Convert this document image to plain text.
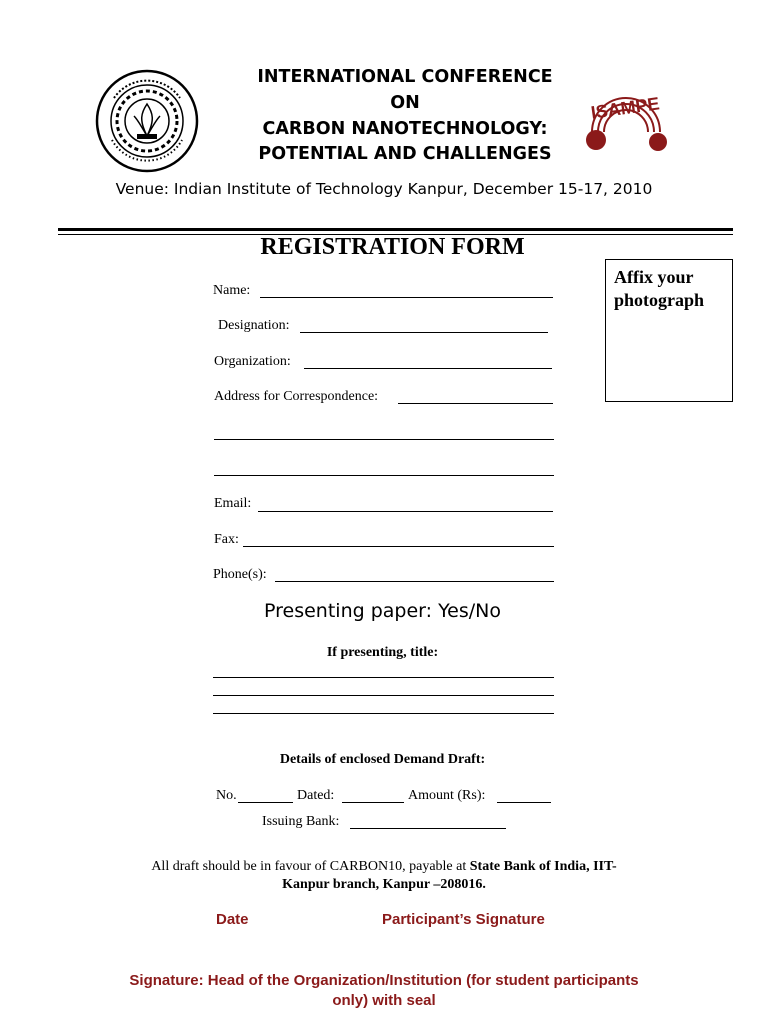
INTERNATIONAL CONFERENCE
ON
CARBON NANOTECHNOLOGY:
POTENTIAL AND CHALLENGES
ISAMPE
Venue: Indian Institute of Technology Kanpur, December 15-17, 2010
REGISTRATION FORM
Affix your photograph
Name:
Designation:
Organization:
Address for Correspondence:
Email:
Fax:
Phone(s):
Presenting paper: Yes/No
If presenting, title:
Details of enclosed Demand Draft:
No.	Dated:	Amount (Rs):
Issuing Bank:
All draft should be in favour of CARBON10, payable at State Bank of India, IIT-
Kanpur branch, Kanpur –208016.
Date	Participant’s Signature
Signature: Head of the Organization/Institution (for student participants
only) with seal
